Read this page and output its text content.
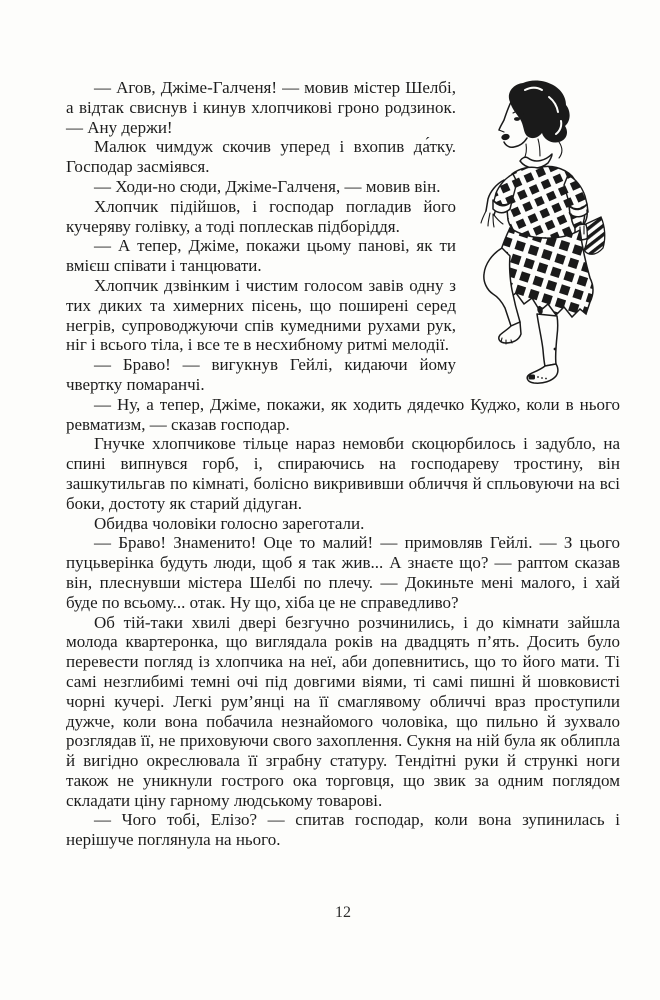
— Агов, Джіме-Галченя! — мовив містер Шелбі, а відтак свиснув і кинув хлопчикові гроно родзинок. — Ану держи!

Малюк чимдуж скочив уперед і вхопив да́тку. Господар засміявся.

— Ходи-но сюди, Джіме-Галченя, — мовив він.

Хлопчик підійшов, і господар погладив його кучеряву голівку, а тоді поплескав підборіддя.

— А тепер, Джіме, покажи цьому панові, як ти вмієш співати і танцювати.

Хлопчик дзвінким і чистим голосом завів одну з тих диких та химерних пісень, що поширені серед негрів, супроводжуючи спів кумедними рухами рук, ніг і всього тіла, і все те в несхибному ритмі мелодії.

— Браво! — вигукнув Гейлі, кидаючи йому чвертку помаранчі.

— Ну, а тепер, Джіме, покажи, як ходить дядечко Куджо, коли в нього ревматизм, — сказав господар.

Гнучке хлопчикове тільце нараз немовби скоцюрбилось і задубло, на спині випнувся горб, і, спираючись на господареву тростину, він зашкутильгав по кімнаті, болісно викрививши обличчя й спльовуючи на всі боки, достоту як старий дідуган.

Обидва чоловіки голосно зареготали.

— Браво! Знаменито! Оце то малий! — примовляв Гейлі. — З цього пуцьверінка будуть люди, щоб я так жив... А знаєте що? — раптом сказав він, плеснувши містера Шелбі по плечу. — Докиньте мені малого, і хай буде по всьому... отак. Ну що, хіба це не справедливо?

Об тій-таки хвилі двері безгучно розчинились, і до кімнати зайшла молода квартеронка, що виглядала років на двадцять п’ять. Досить було перевести погляд із хлопчика на неї, аби допевнитись, що то його мати. Ті самі незглибимі темні очі під довгими віями, ті самі пишні й шовковисті чорні кучері. Легкі рум’янці на її смаглявому обличчі враз проступили дужче, коли вона побачила незнайомого чоловіка, що пильно й зухвало розглядав її, не приховуючи свого захоплення. Сукня на ній була як облипла й вигідно окреслювала її зграбну статуру. Тендітні руки й стрункі ноги також не уникнули гострого ока торговця, що звик за одним поглядом складати ціну гарному людському товарові.

— Чого тобі, Елізо? — спитав господар, коли вона зупинилась і нерішуче поглянула на нього.

12
